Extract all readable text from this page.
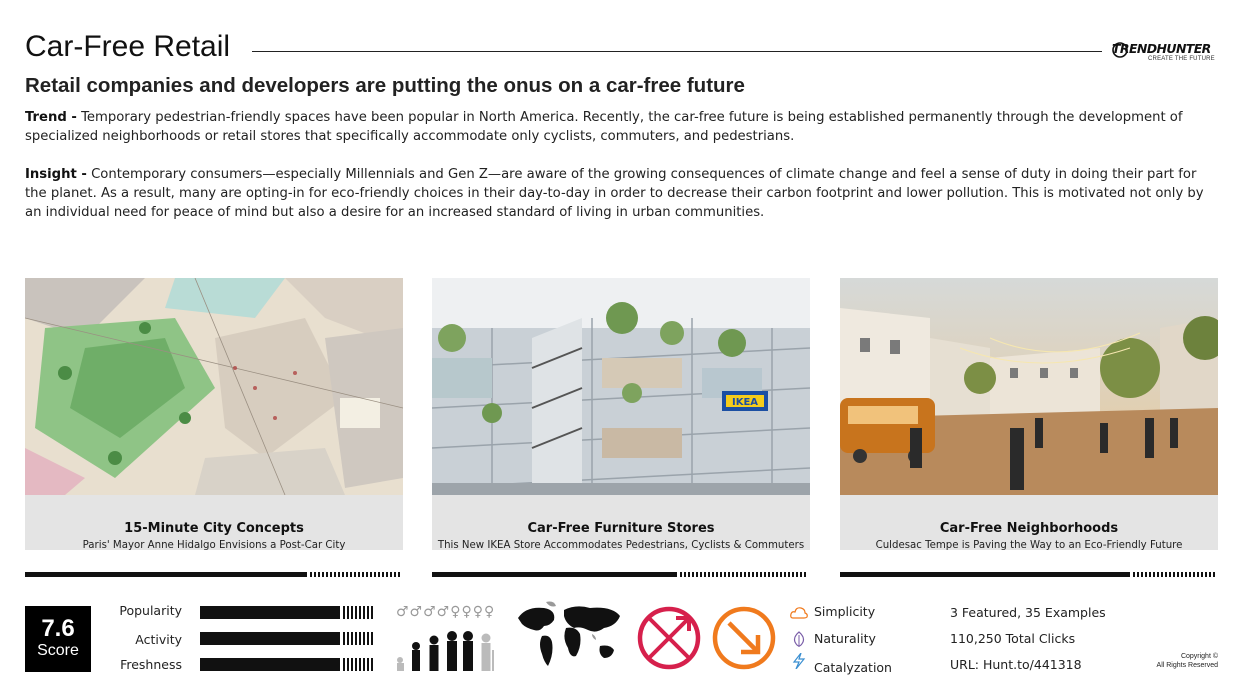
Car-Free Retail	TRENDHUNTER
CREATE THE FUTURE
Retail companies and developers are putting the onus on a car-free future

Trend - Temporary pedestrian-friendly spaces have been popular in North America. Recently, the car-free future is being established permanently through the development of specialized neighborhoods or retail stores that specifically accommodate only cyclists, commuters, and pedestrians.

Insight - Contemporary consumers—especially Millennials and Gen Z—are aware of the growing consequences of climate change and feel a sense of duty in doing their part for the planet. As a result, many are opting-in for eco-friendly choices in their day-to-day in order to decrease their carbon footprint and lower pollution. This is motivated not only by an individual need for peace of mind but also a desire for an increased standard of living in urban communities.

15-Minute City Concepts
Paris' Mayor Anne Hidalgo Envisions a Post-Car City
IKEA
Car-Free Furniture Stores
This New IKEA Store Accommodates Pedestrians, Cyclists & Commuters
Car-Free Neighborhoods
Culdesac Tempe is Paving the Way to an Eco-Friendly Future
7.6
Score
Popularity
Activity
Freshness
♂♂♂♂♀♀♀♀	Simplicity
Naturality
Catalyzation
3 Featured, 35 Examples
110,250 Total Clicks
URL: Hunt.to/441318
Copyright ©
All Rights Reserved
